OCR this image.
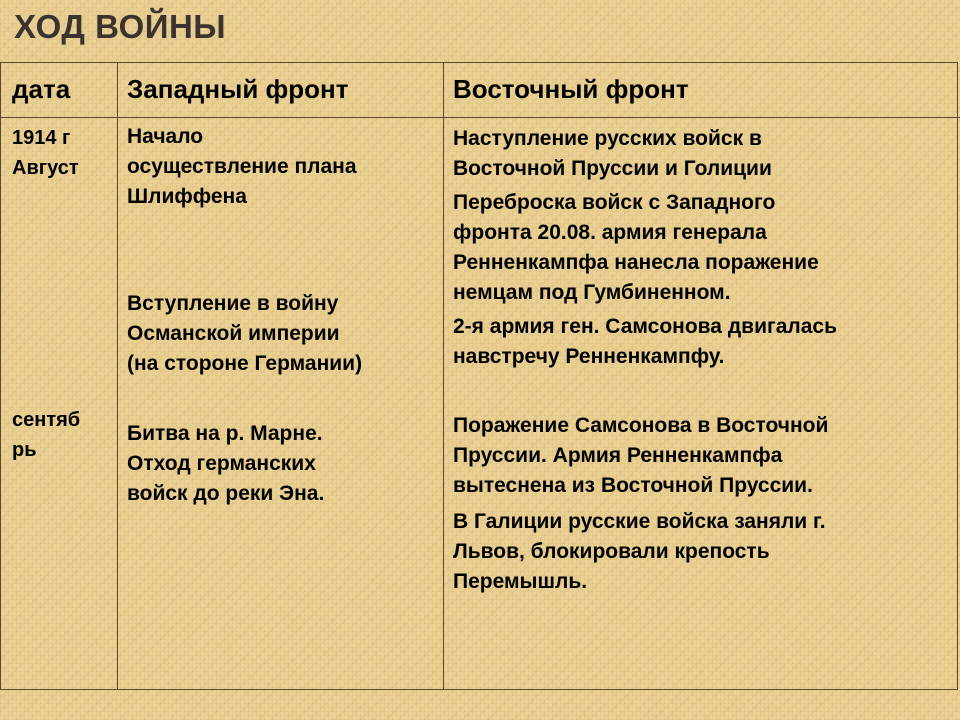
ХОД ВОЙНЫ
дата Западный фронт	Восточный фронт
1914 г
Август
сентяб
рь
Начало
осуществление плана
Шлиффена
Вступление в войну
Османской империи
(на стороне Германии)
Битва на р. Марне.
Отход германских
войск до реки Эна.
Наступление русских войск в
Восточной Пруссии и Голиции
Переброска войск с Западного
фронта 20.08. армия генерала
Ренненкампфа нанесла поражение
немцам под Гумбиненном.
2-я армия ген. Самсонова двигалась
навстречу Ренненкампфу.
Поражение Самсонова в Восточной
Пруссии. Армия Ренненкампфа
вытеснена из Восточной Пруссии.
В Галиции русские войска заняли г.
Львов, блокировали крепость
Перемышль.
